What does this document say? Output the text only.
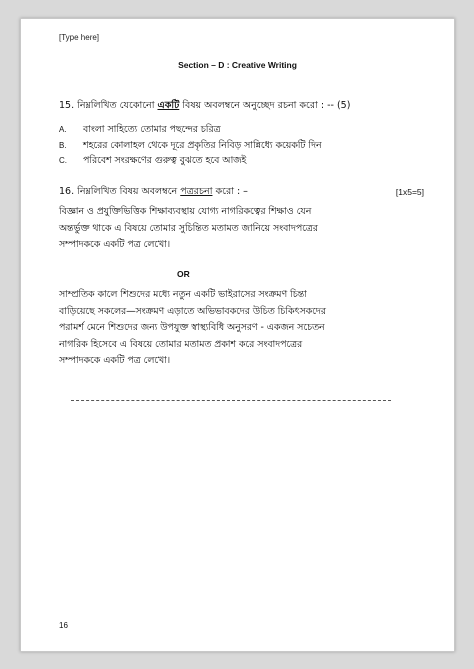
[Type here]
Section – D : Creative Writing
15. নিম্নলিখিত যেকোনো একটি বিষয় অবলম্বনে অনুচ্ছেদ রচনা করো : -- (5)
A. বাংলা সাহিত্যে তোমার পছন্দের চরিত্র
B. শহরের কোলাহল থেকে দূরে প্রকৃতির নিবিড় সান্নিধ্যে কয়েকটি দিন
C. পরিবেশ সংরক্ষণের গুরুত্ব বুঝতে হবে আজই
16. নিম্নলিখিত বিষয় অবলম্বনে পত্ররচনা করো : –	[1x5=5]
বিজ্ঞান ও প্রযুক্তিভিত্তিক শিক্ষাব্যবস্থায় যোগ্য নাগরিকত্বের শিক্ষাও যেন
অন্তর্ভুক্ত থাকে এ বিষয়ে তোমার সুচিন্তিত মতামত জানিয়ে সংবাদপত্রের
সম্পাদককে একটি পত্র লেখো।
OR
সাম্প্রতিক কালে শিশুদের মধ্যে নতুন একটি ভাইরাসের সংক্রমণ চিন্তা
বাড়িয়েছে সকলের—সংক্রমণ এড়াতে অভিভাবকদের উচিত চিকিৎসকদের
পরামর্শ মেনে শিশুদের জন্য উপযুক্ত স্বাস্থ্যবিধি অনুসরণ - একজন সচেতন
নাগরিক হিসেবে এ বিষয়ে তোমার মতামত প্রকাশ করে সংবাদপত্রের
সম্পাদককে একটি পত্র লেখো।
16
